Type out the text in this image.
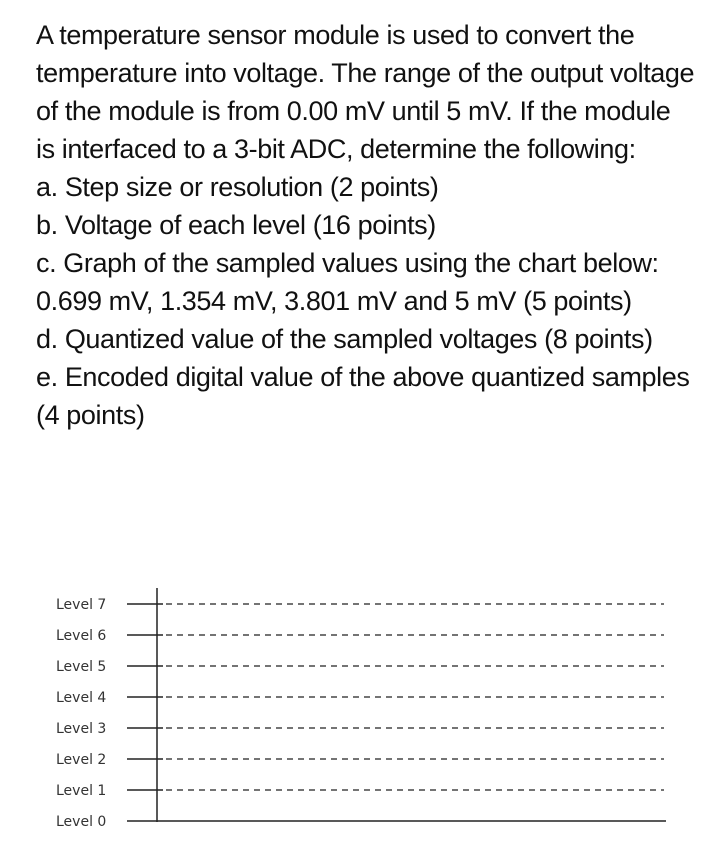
A temperature sensor module is used to convert the temperature into voltage. The range of the output voltage of the module is from 0.00 mV until 5 mV. If the module is interfaced to a 3-bit ADC, determine the following:

a. Step size or resolution (2 points)
b. Voltage of each level (16 points)
c. Graph of the sampled values using the chart below: 0.699 mV, 1.354 mV, 3.801 mV and 5 mV (5 points)
d. Quantized value of the sampled voltages (8 points)
e. Encoded digital value of the above quantized samples (4 points)
Level 7
Level 6
Level 5
Level 4
Level 3
Level 2
Level 1
Level 0
